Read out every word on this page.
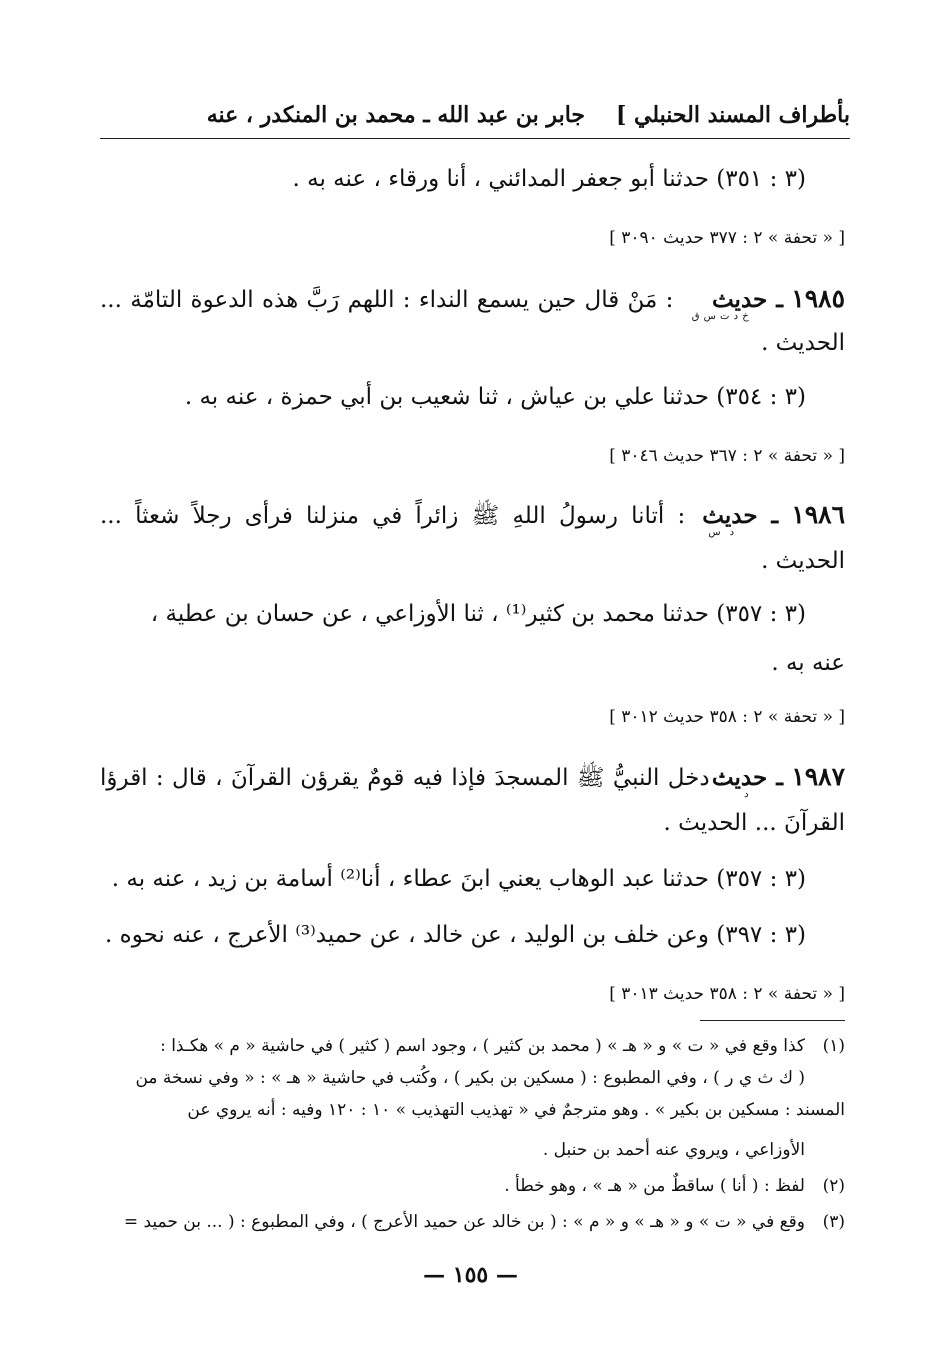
بأطراف المسند الحنبلي ]
جابر بن عبد الله ـ محمد بن المنكدر ، عنه
(٣ : ٣٥١) حدثنا أبو جعفر المدائني ، أنا ورقاء ، عنه به .
[ « تحفة » ٢ : ٣٧٧ حديث ٣٠٩٠ ]
١٩٨٥ ـ حديث $_{خ د ت س ق}$ : مَنْ قال حين يسمع النداء : اللهم رَبَّ هذه الدعوة التامّة ...
الحديث .
(٣ : ٣٥٤) حدثنا علي بن عياش ، ثنا شعيب بن أبي حمزة ، عنه به .
[ « تحفة » ٢ : ٣٦٧ حديث ٣٠٤٦ ]
١٩٨٦ ـ حديث $_{د س}$ : أتانا رسولُ اللهِ ﷺ زائراً في منزلنا فرأى رجلاً شعثاً ...
الحديث .
(٣ : ٣٥٧) حدثنا محمد بن كثير⁽¹⁾ ، ثنا الأوزاعي ، عن حسان بن عطية ،
عنه به .
[ « تحفة » ٢ : ٣٥٨ حديث ٣٠١٢ ]
١٩٨٧ ـ حديث $_د$ : دخل النبيُّ ﷺ المسجدَ فإذا فيه قومٌ يقرؤن القرآنَ ، قال : اقرؤا
القرآنَ ... الحديث .
(٣ : ٣٥٧) حدثنا عبد الوهاب يعني ابنَ عطاء ، أنا⁽²⁾ أسامة بن زيد ، عنه به .
(٣ : ٣٩٧) وعن خلف بن الوليد ، عن خالد ، عن حميد⁽³⁾ الأعرج ، عنه نحوه .
[ « تحفة » ٢ : ٣٥٨ حديث ٣٠١٣ ]
(١)كذا وقع في « ت » و « هـ » ( محمد بن كثير ) ، وجود اسم ( كثير ) في حاشية « م » هكـذا :
( ك ث ي ر ) ، وفي المطبوع : ( مسكين بن بكير ) ، وكُتب في حاشية « هـ » : « وفي نسخة من
المسند : مسكين بن بكير » . وهو مترجمٌ في « تهذيب التهذيب » ١٠ : ١٢٠ وفيه : أنه يروي عن
الأوزاعي ، ويروي عنه أحمد بن حنبل .
(٢)لفظ : ( أنا ) ساقطٌ من « هـ » ، وهو خطأ .
(٣)وقع في « ت » و « هـ » و « م » : ( بن خالد عن حميد الأعرج ) ، وفي المطبوع : ( ... بن حميد =
— ١٥٥ —
